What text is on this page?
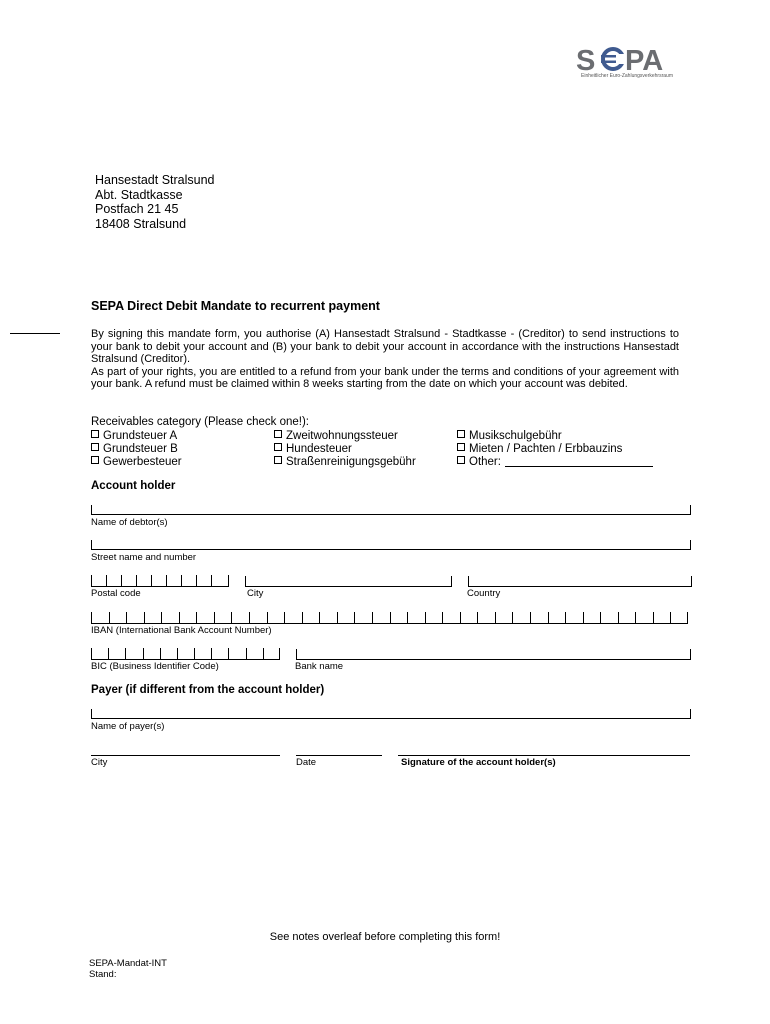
S PA
Einheitlicher Euro-Zahlungsverkehrsraum
Hansestadt Stralsund
Abt. Stadtkasse
Postfach 21 45
18408 Stralsund
SEPA Direct Debit Mandate to recurrent payment

By signing this mandate form, you authorise (A) Hansestadt Stralsund - Stadtkasse - (Creditor) to send instructions to your bank to debit your account and (B) your bank to debit your account in accordance with the instructions Hansestadt Stralsund (Creditor).

As part of your rights, you are entitled to a refund from your bank under the terms and conditions of your agreement with your bank. A refund must be claimed within 8 weeks starting from the date on which your account was debited.

Receivables category (Please check one!):
Grundsteuer A
Grundsteuer B
Gewerbesteuer
Zweitwohnungssteuer
Hundesteuer
Straßenreinigungsgebühr
Musikschulgebühr
Mieten / Pachten / Erbbauzins
Other:
Account holder
Name of debtor(s)
Street name and number
Postal code	City	Country
IBAN (International Bank Account Number)
BIC (Business Identifier Code)	Bank name
Payer (if different from the account holder)
Name of payer(s)
City	Date	Signature of the account holder(s)
See notes overleaf before completing this form!
SEPA-Mandat-INT
Stand:
